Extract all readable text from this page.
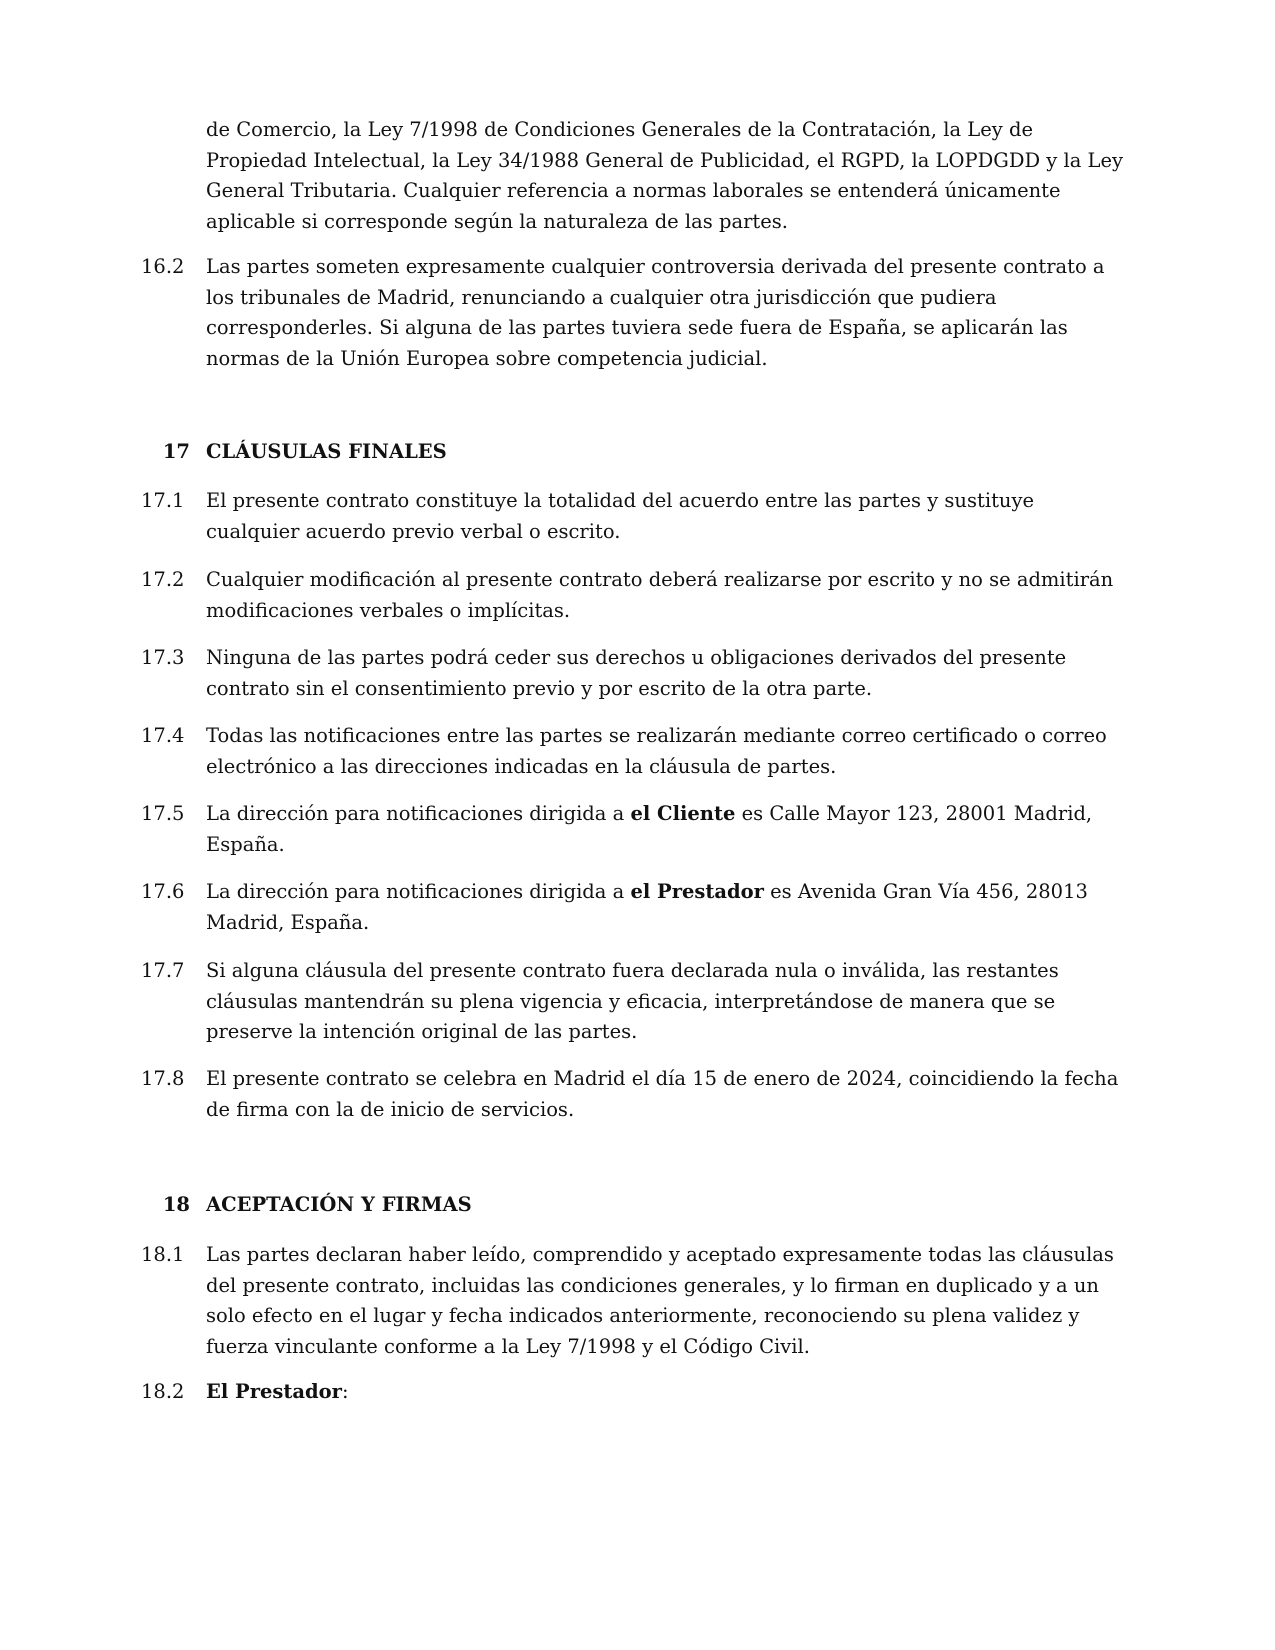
de Comercio, la Ley 7/1998 de Condiciones Generales de la Contratación, la Ley de Propiedad Intelectual, la Ley 34/1988 General de Publicidad, el RGPD, la LOPDGDD y la Ley General Tributaria. Cualquier referencia a normas laborales se entenderá únicamente aplicable si corresponde según la naturaleza de las partes.
16.2	Las partes someten expresamente cualquier controversia derivada del presente contrato a los tribunales de Madrid, renunciando a cualquier otra jurisdicción que pudiera corresponderles. Si alguna de las partes tuviera sede fuera de España, se aplicarán las normas de la Unión Europea sobre competencia judicial.
17 CLÁUSULAS FINALES
17.1	El presente contrato constituye la totalidad del acuerdo entre las partes y sustituye cualquier acuerdo previo verbal o escrito.
17.2	Cualquier modificación al presente contrato deberá realizarse por escrito y no se admitirán modificaciones verbales o implícitas.
17.3	Ninguna de las partes podrá ceder sus derechos u obligaciones derivados del presente contrato sin el consentimiento previo y por escrito de la otra parte.
17.4	Todas las notificaciones entre las partes se realizarán mediante correo certificado o correo electrónico a las direcciones indicadas en la cláusula de partes.
17.5	La dirección para notificaciones dirigida a el Cliente es Calle Mayor 123, 28001 Madrid, España.
17.6	La dirección para notificaciones dirigida a el Prestador es Avenida Gran Vía 456, 28013 Madrid, España.
17.7	Si alguna cláusula del presente contrato fuera declarada nula o inválida, las restantes cláusulas mantendrán su plena vigencia y eficacia, interpretándose de manera que se preserve la intención original de las partes.
17.8	El presente contrato se celebra en Madrid el día 15 de enero de 2024, coincidiendo la fecha de firma con la de inicio de servicios.
18 ACEPTACIÓN Y FIRMAS
18.1	Las partes declaran haber leído, comprendido y aceptado expresamente todas las cláusulas del presente contrato, incluidas las condiciones generales, y lo firman en duplicado y a un solo efecto en el lugar y fecha indicados anteriormente, reconociendo su plena validez y fuerza vinculante conforme a la Ley 7/1998 y el Código Civil.
18.2	El Prestador:
